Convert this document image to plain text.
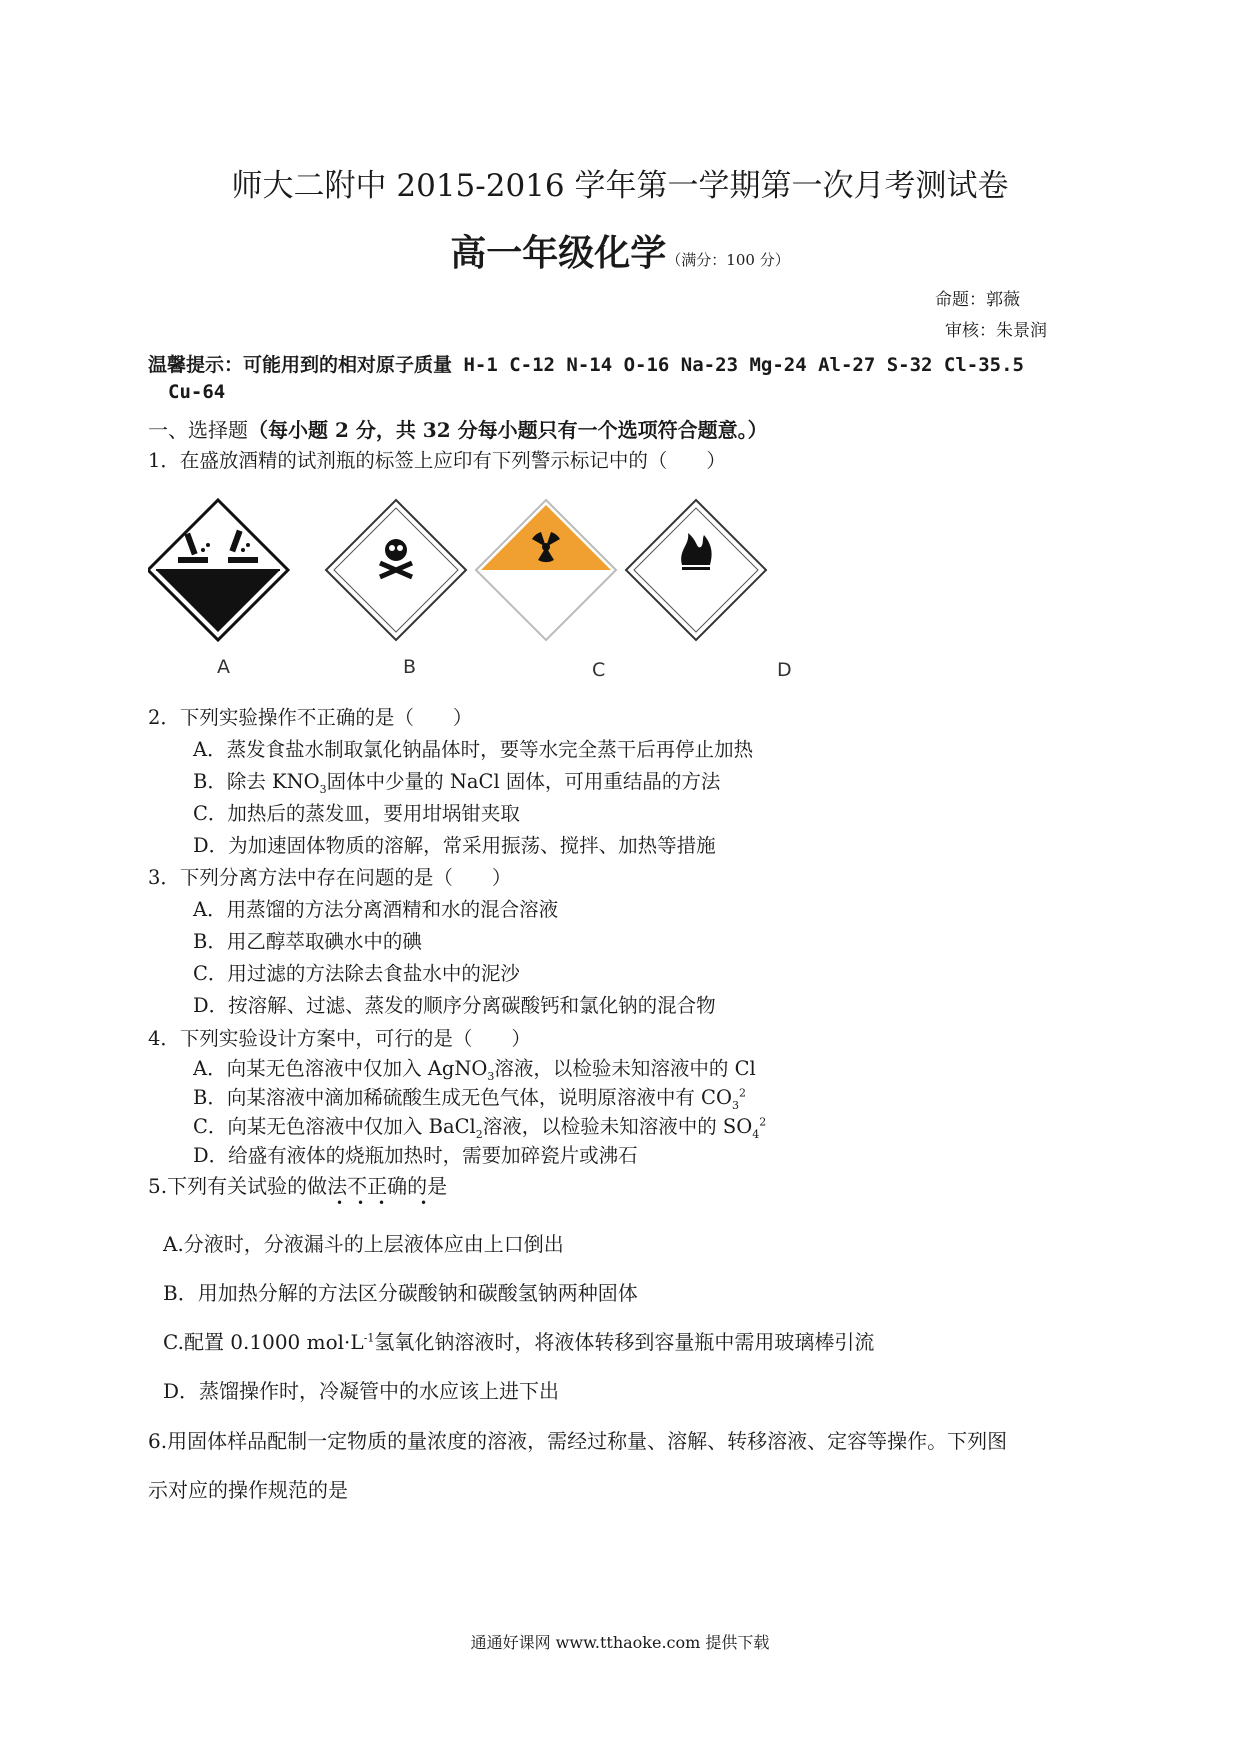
师大二附中 2015-2016 学年第一学期第一次月考测试卷
高一年级化学（满分：100 分）
命题：郭薇
审核：朱景润
温馨提示：可能用到的相对原子质量 H-1 C-12 N-14 O-16 Na-23 Mg-24 Al-27 S-32 Cl-35.5
Cu-64
一、选择题（每小题 2 分，共 32 分每小题只有一个选项符合题意。）
1．在盛放酒精的试剂瓶的标签上应印有下列警示标记中的（　　）
A	B	C	D
2．下列实验操作不正确的是（　　）
A．蒸发食盐水制取氯化钠晶体时，要等水完全蒸干后再停止加热
B．除去 $KNO_3$固体中少量的 NaCl 固体，可用重结晶的方法
C．加热后的蒸发皿，要用坩埚钳夹取
D．为加速固体物质的溶解，常采用振荡、搅拌、加热等措施
3．下列分离方法中存在问题的是（　　）
A．用蒸馏的方法分离酒精和水的混合溶液
B．用乙醇萃取碘水中的碘
C．用过滤的方法除去食盐水中的泥沙
D．按溶解、过滤、蒸发的顺序分离碳酸钙和氯化钠的混合物
4．下列实验设计方案中，可行的是（　　）
A．向某无色溶液中仅加入 AgNO$_3$溶液，以检验未知溶液中的 Cl
B．向某溶液中滴加稀硫酸生成无色气体，说明原溶液中有 $CO_3^2$
C．向某无色溶液中仅加入 BaCl$_2$溶液，以检验未知溶液中的 $SO_4^2$
D．给盛有液体的烧瓶加热时，需要加碎瓷片或沸石
5.下列有关试验的做法不正确的是
• • •	•
A.分液时，分液漏斗的上层液体应由上口倒出
B．用加热分解的方法区分碳酸钠和碳酸氢钠两种固体
C.配置 0.1000 $mol\cdot L^{-1}$氢氧化钠溶液时，将液体转移到容量瓶中需用玻璃棒引流
D．蒸馏操作时，冷凝管中的水应该上进下出
6.用固体样品配制一定物质的量浓度的溶液，需经过称量、溶解、转移溶液、定容等操作。下列图
示对应的操作规范的是
通通好课网 www.tthaoke.com 提供下载
